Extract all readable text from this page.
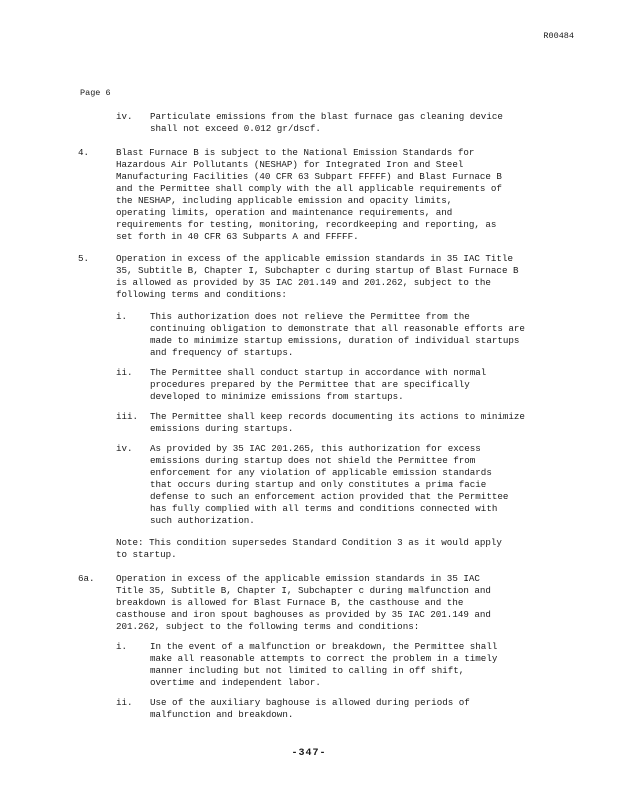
R00484
Page 6
iv. Particulate emissions from the blast furnace gas cleaning device

shall not exceed 0.012 gr/dscf.

4.	Blast Furnace B is subject to the National Emission Standards for

Hazardous Air Pollutants (NESHAP) for Integrated Iron and Steel

Manufacturing Facilities (40 CFR 63 Subpart FFFFF) and Blast Furnace B

and the Permittee shall comply with the all applicable requirements of

the NESHAP, including applicable emission and opacity limits,

operating limits, operation and maintenance requirements, and

requirements for testing, monitoring, recordkeeping and reporting, as

set forth in 40 CFR 63 Subparts A and FFFFF.

5.	Operation in excess of the applicable emission standards in 35 IAC Title

35, Subtitle B, Chapter I, Subchapter c during startup of Blast Furnace B

is allowed as provided by 35 IAC 201.149 and 201.262, subject to the

following terms and conditions:

i. This authorization does not relieve the Permittee from the

continuing obligation to demonstrate that all reasonable efforts are

made to minimize startup emissions, duration of individual startups

and frequency of startups.

ii. The Permittee shall conduct startup in accordance with normal

procedures prepared by the Permittee that are specifically

developed to minimize emissions from startups.

iii. The Permittee shall keep records documenting its actions to minimize

emissions during startups.

iv. As provided by 35 IAC 201.265, this authorization for excess

emissions during startup does not shield the Permittee from

enforcement for any violation of applicable emission standards

that occurs during startup and only constitutes a prima facie

defense to such an enforcement action provided that the Permittee

has fully complied with all terms and conditions connected with

such authorization.

Note: This condition supersedes Standard Condition 3 as it would apply

to startup.

6a. Operation in excess of the applicable emission standards in 35 IAC

Title 35, Subtitle B, Chapter I, Subchapter c during malfunction and

breakdown is allowed for Blast Furnace B, the casthouse and the

casthouse and iron spout baghouses as provided by 35 IAC 201.149 and

201.262, subject to the following terms and conditions:

i. In the event of a malfunction or breakdown, the Permittee shall

make all reasonable attempts to correct the problem in a timely

manner including but not limited to calling in off shift,

overtime and independent labor.

ii. Use of the auxiliary baghouse is allowed during periods of

malfunction and breakdown.

-347-
